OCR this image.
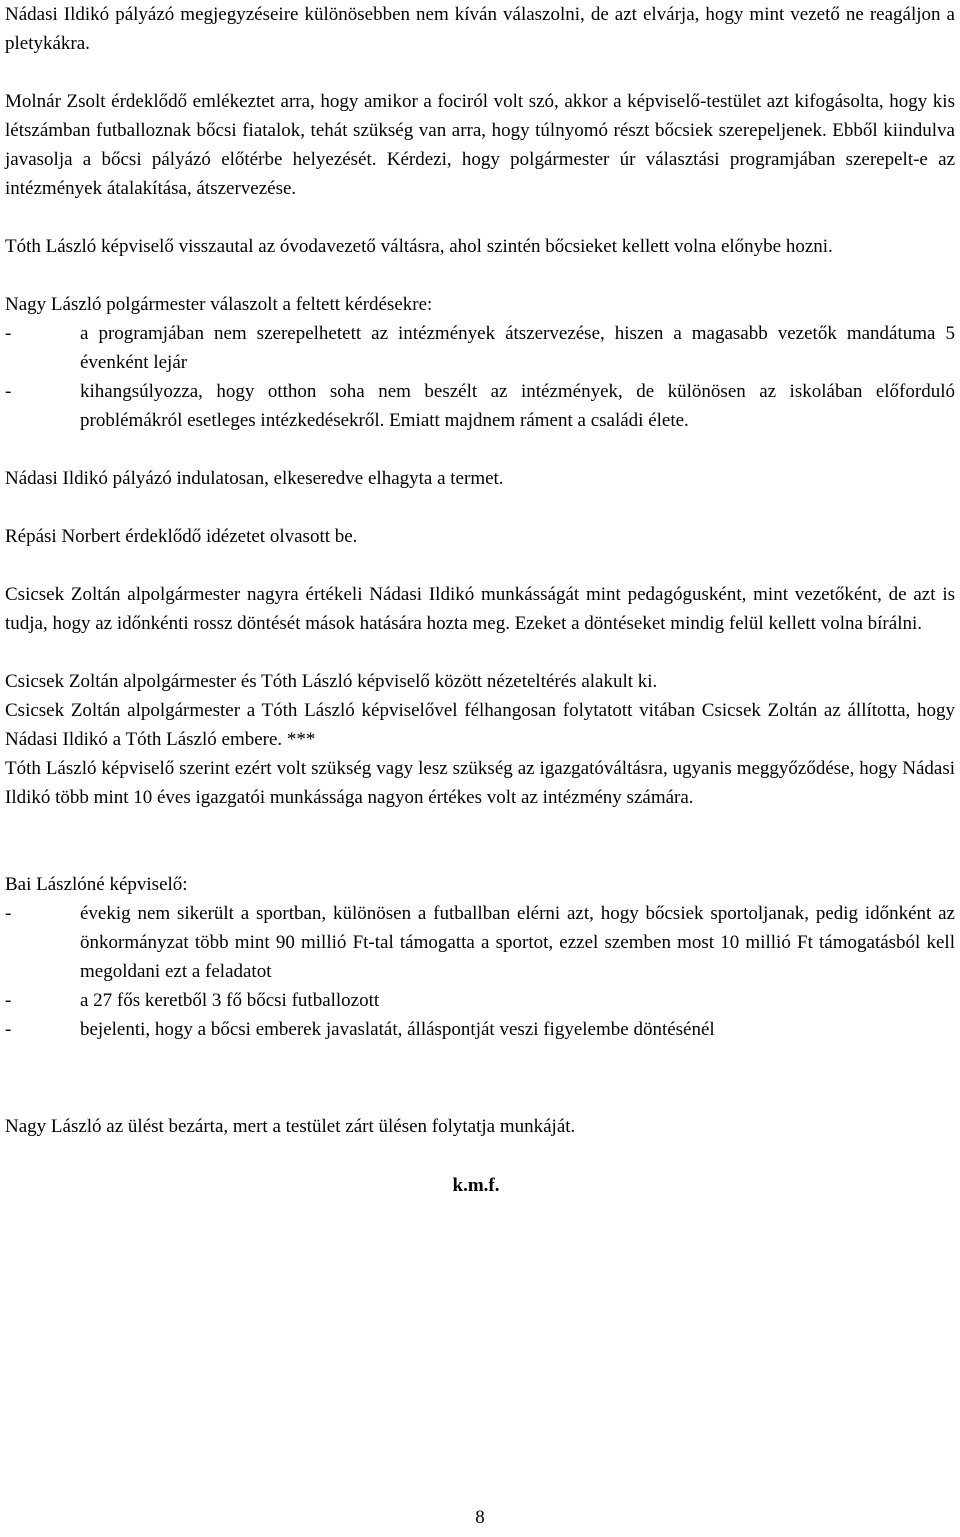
Nádasi Ildikó pályázó megjegyzéseire különösebben nem kíván válaszolni, de azt elvárja, hogy mint vezető ne reagáljon a pletykákra.

Molnár Zsolt érdeklődő emlékeztet arra, hogy amikor a fociról volt szó, akkor a képviselő-testület azt kifogásolta, hogy kis létszámban futballoznak bőcsi fiatalok, tehát szükség van arra, hogy túlnyomó részt bőcsiek szerepeljenek. Ebből kiindulva javasolja a bőcsi pályázó előtérbe helyezését. Kérdezi, hogy polgármester úr választási programjában szerepelt-e az intézmények átalakítása, átszervezése.

Tóth László képviselő visszautal az óvodavezető váltásra, ahol szintén bőcsieket kellett volna előnybe hozni.

Nagy László polgármester válaszolt a feltett kérdésekre:

-	a programjában nem szerepelhetett az intézmények átszervezése, hiszen a magasabb vezetők mandátuma 5 évenként lejár
-	kihangsúlyozza, hogy otthon soha nem beszélt az intézmények, de különösen az iskolában előforduló problémákról esetleges intézkedésekről. Emiatt majdnem ráment a családi élete.

Nádasi Ildikó pályázó indulatosan, elkeseredve elhagyta a termet.

Répási Norbert érdeklődő idézetet olvasott be.

Csicsek Zoltán alpolgármester nagyra értékeli Nádasi Ildikó munkásságát mint pedagógusként, mint vezetőként, de azt is tudja, hogy az időnkénti rossz döntését mások hatására hozta meg. Ezeket a döntéseket mindig felül kellett volna bírálni.

Csicsek Zoltán alpolgármester és Tóth László képviselő között nézeteltérés alakult ki.

Csicsek Zoltán alpolgármester a Tóth László képviselővel félhangosan folytatott vitában Csicsek Zoltán az állította, hogy Nádasi Ildikó a Tóth László embere. ***

Tóth László képviselő szerint ezért volt szükség vagy lesz szükség az igazgatóváltásra, ugyanis meggyőződése, hogy Nádasi Ildikó több mint 10 éves igazgatói munkássága nagyon értékes volt az intézmény számára.

Bai Lászlóné képviselő:

-	évekig nem sikerült a sportban, különösen a futballban elérni azt, hogy bőcsiek sportoljanak, pedig időnként az önkormányzat több mint 90 millió Ft-tal támogatta a sportot, ezzel szemben most 10 millió Ft támogatásból kell megoldani ezt a feladatot
-	a 27 fős keretből 3 fő bőcsi futballozott
-	bejelenti, hogy a bőcsi emberek javaslatát, álláspontját veszi figyelembe döntésénél

Nagy László az ülést bezárta, mert a testület zárt ülésen folytatja munkáját.

k.m.f.

8
